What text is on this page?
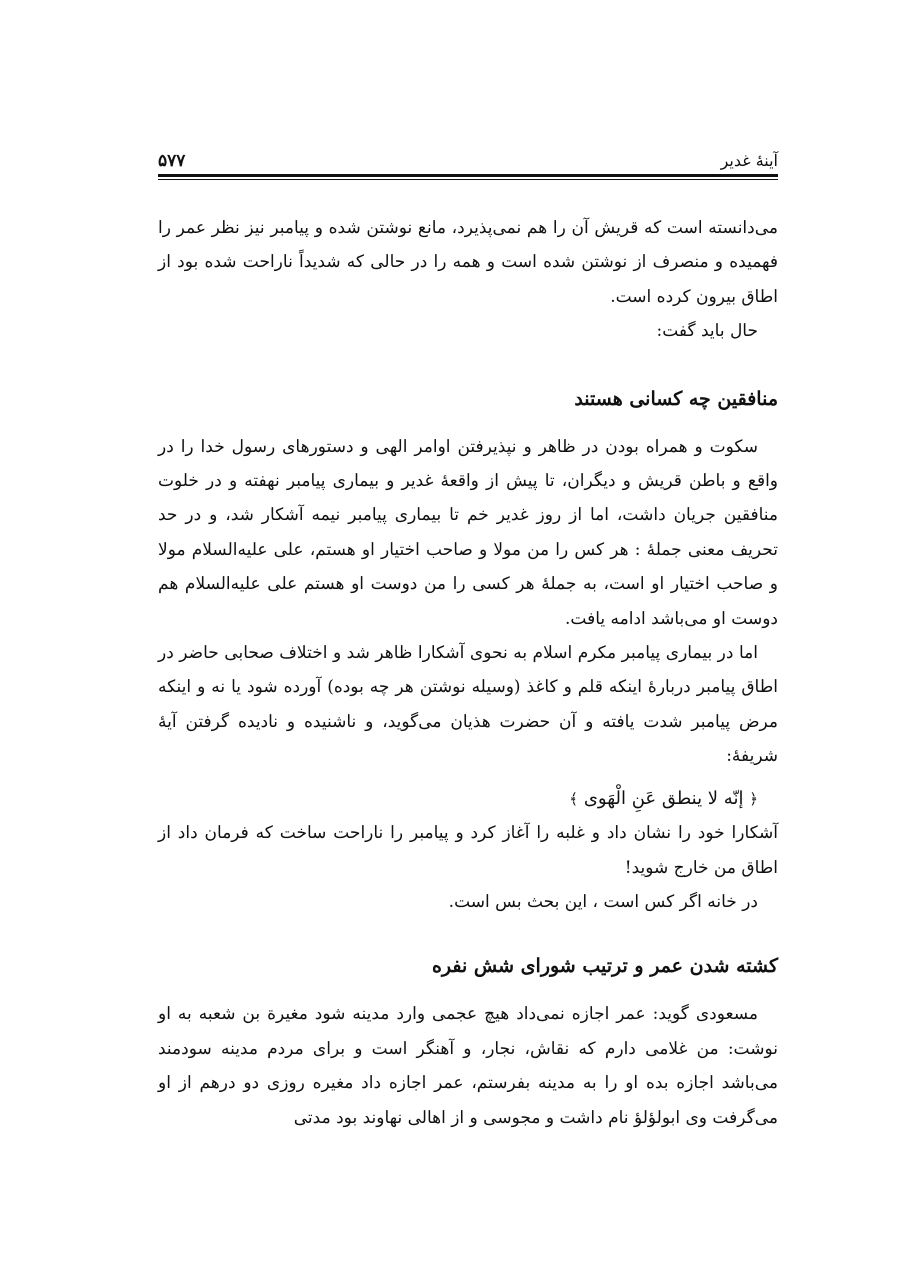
آینهٔ غدیر
۵۷۷

می‌دانسته است که قریش آن را هم نمی‌پذیرد، مانع نوشتن شده و پیامبر نیز نظر عمر را فهمیده و منصرف از نوشتن شده است و همه را در حالی که شدیداً ناراحت شده بود از اطاق بیرون کرده است.

حال باید گفت:

منافقین چه کسانی هستند

سکوت و همراه بودن در ظاهر و نپذیرفتن اوامر الهی و دستورهای رسول خدا را در واقع و باطن قریش و دیگران، تا پیش از واقعهٔ غدیر و بیماری پیامبر نهفته و در خلوت منافقین جریان داشت، اما از روز غدیر خم تا بیماری پیامبر نیمه آشکار شد، و در حد تحریف معنی جملهٔ : هر کس را من مولا و صاحب اختیار او هستم، علی علیه‌السلام مولا و صاحب اختیار او است، به جملهٔ هر کسی را من دوست او هستم علی علیه‌السلام هم دوست او می‌باشد ادامه یافت.

اما در بیماری پیامبر مکرم اسلام به نحوی آشکارا ظاهر شد و اختلاف صحابی حاضر در اطاق پیامبر دربارهٔ اینکه قلم و کاغذ (وسیله نوشتن هر چه بوده) آورده شود یا نه و اینکه مرض پیامبر شدت یافته و آن حضرت هذیان می‌گوید، و ناشنیده و نادیده گرفتن آیهٔ شریفهٔ:

﴿ إنّه لا ینطق عَنِ الْهَوی ﴾

آشکارا خود را نشان داد و غلبه را آغاز کرد و پیامبر را ناراحت ساخت که فرمان داد از اطاق من خارج شوید!

در خانه اگر کس است ، این بحث بس است.

کشته شدن عمر و ترتیب شورای شش نفره

مسعودی گوید: عمر اجازه نمی‌داد هیچ عجمی وارد مدینه شود مغیرة بن شعبه به او نوشت: من غلامی دارم که نقاش، نجار، و آهنگر است و برای مردم مدینه سودمند می‌باشد اجازه بده او را به مدینه بفرستم، عمر اجازه داد مغیره روزی دو درهم از او می‌گرفت وی ابولؤلؤ نام داشت و مجوسی و از اهالی نهاوند بود مدتی
